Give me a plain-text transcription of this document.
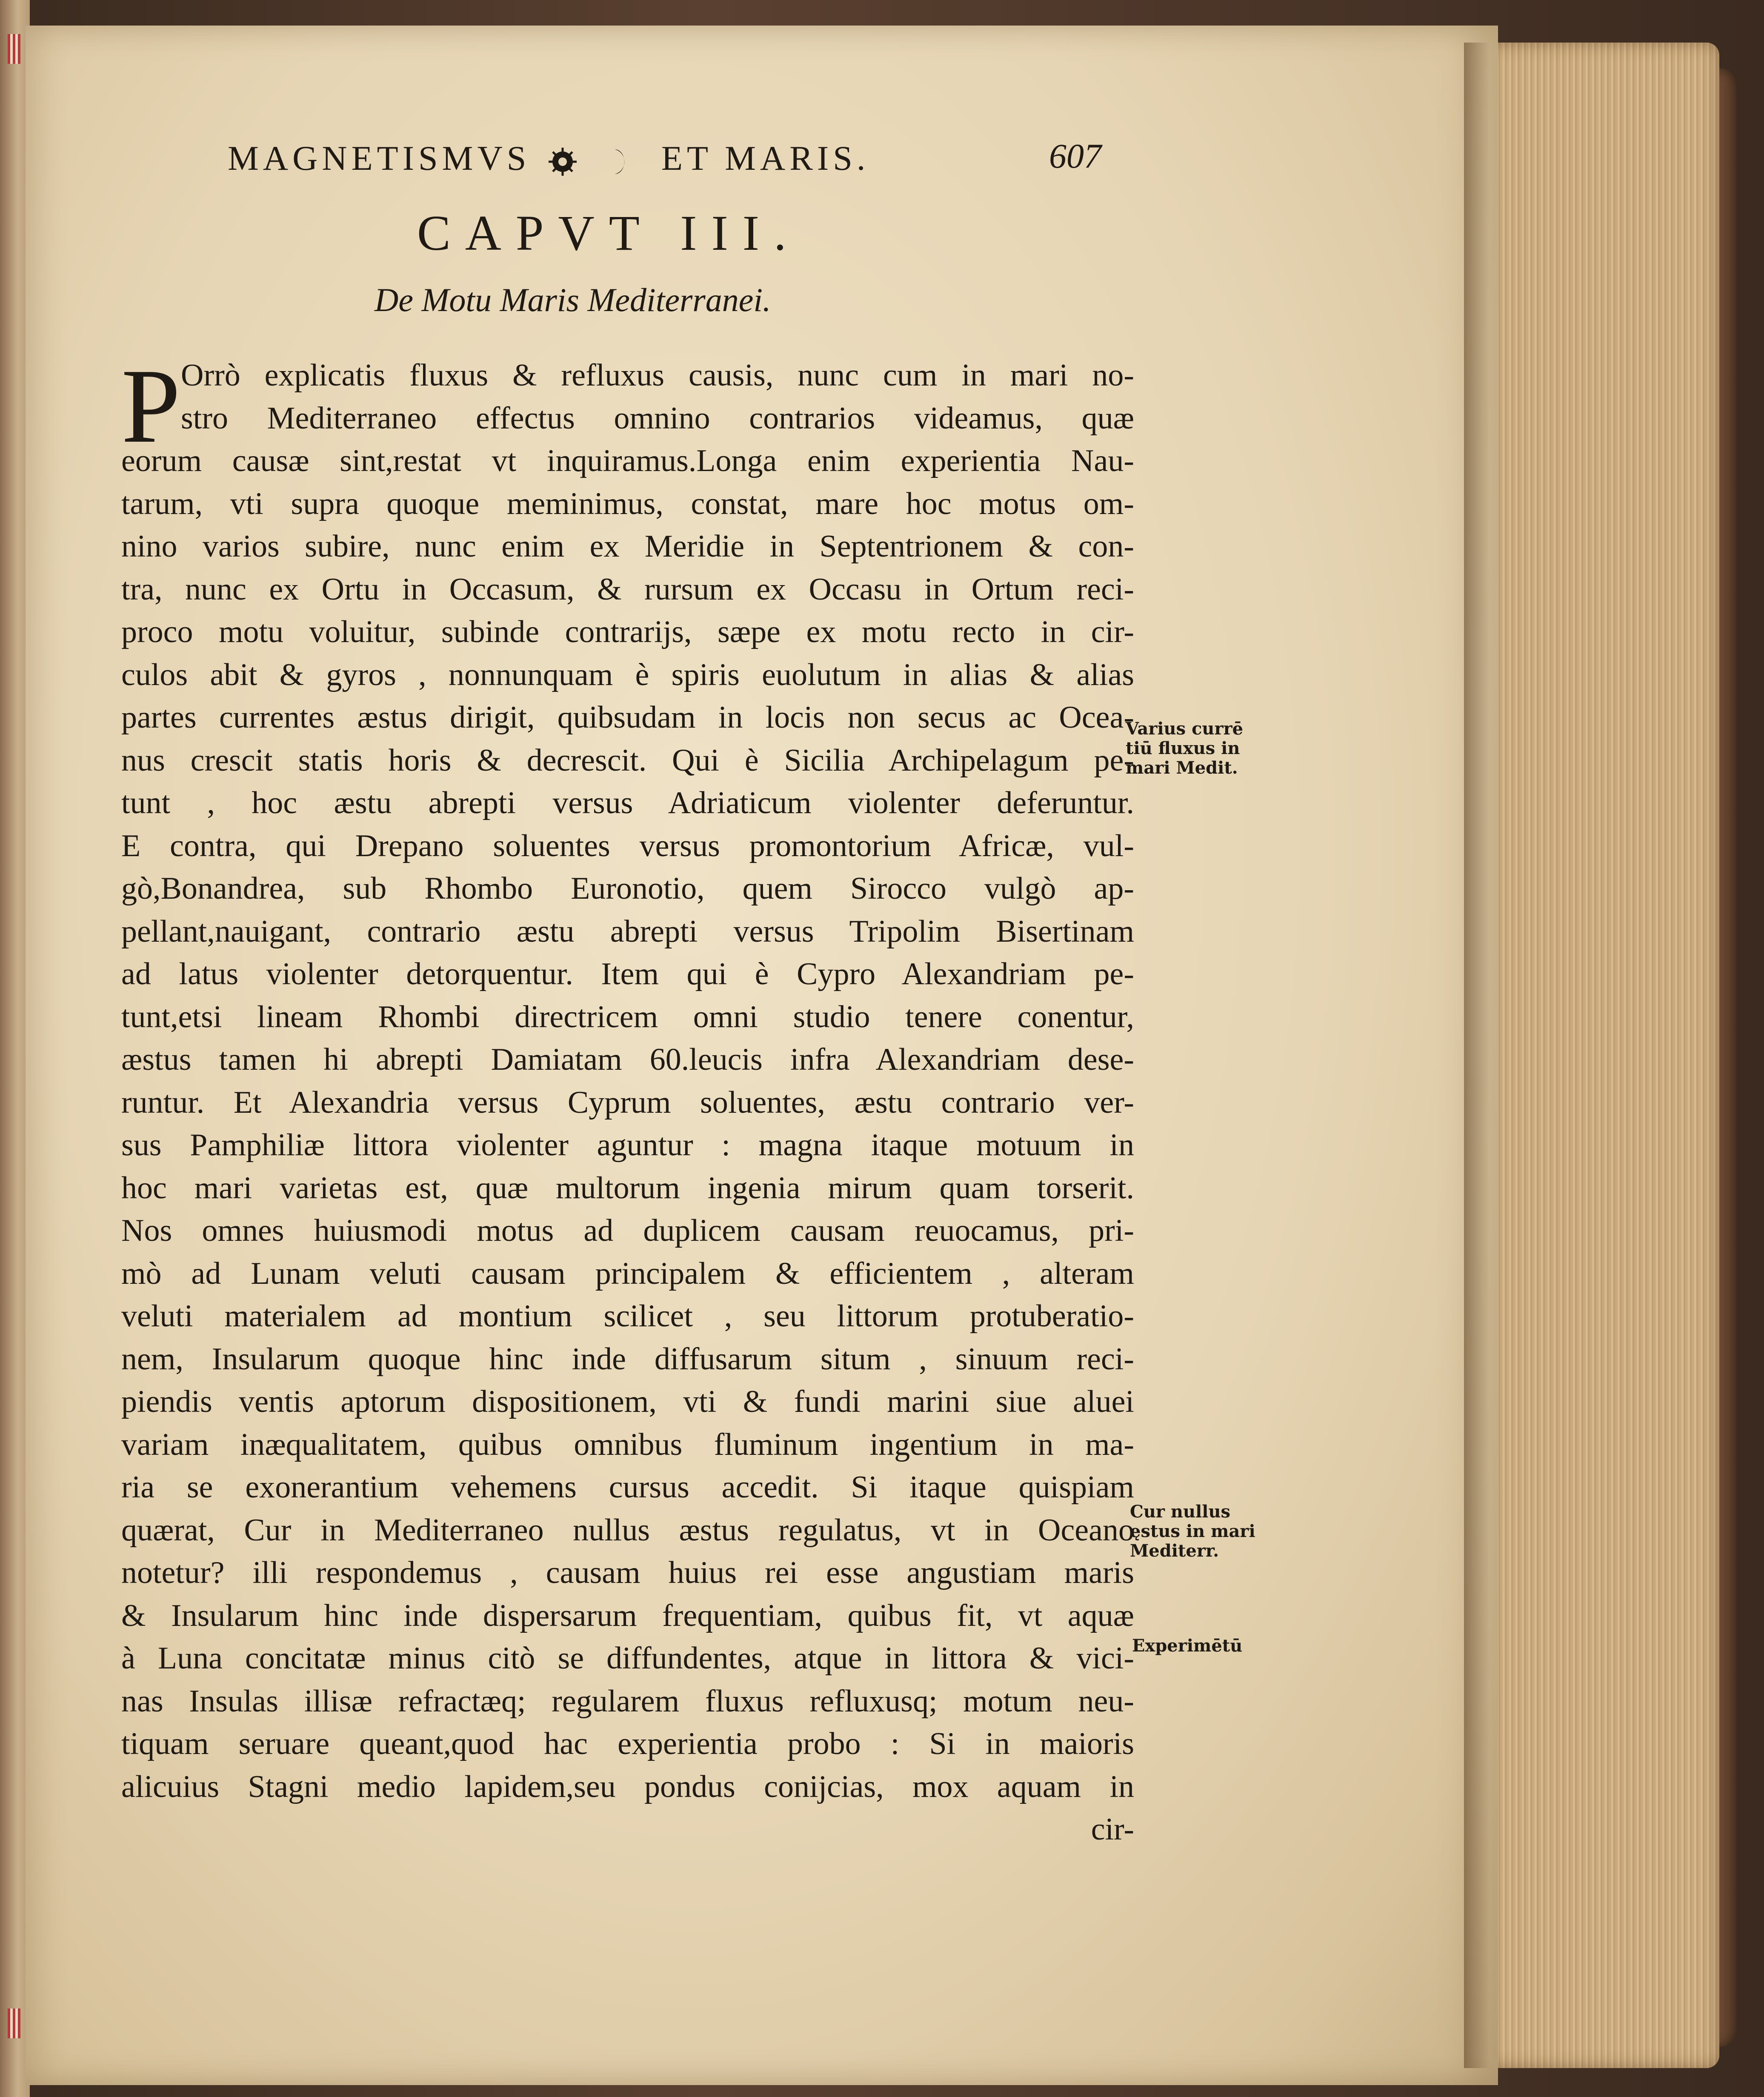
MAGNETISMVS	ET MARIS.	607
CAPVT III.
De Motu Maris Mediterranei.
P Orrò explicatis fluxus & refluxus causis, nunc cum in mari no-
stro Mediterraneo effectus omnino contrarios videamus, quæ
eorum causæ sint,restat vt inquiramus.Longa enim experientia Nau-
tarum, vti supra quoque meminimus, constat, mare hoc motus om-
nino varios subire, nunc enim ex Meridie in Septentrionem & con-
tra, nunc ex Ortu in Occasum, & rursum ex Occasu in Ortum reci-
proco motu voluitur, subinde contrarijs, sæpe ex motu recto in cir-
culos abit & gyros , nonnunquam è spiris euolutum in alias & alias
partes currentes æstus dirigit, quibsudam in locis non secus ac Ocea-
nus crescit statis horis & decrescit. Qui è Sicilia Archipelagum pe-
tunt , hoc æstu abrepti versus Adriaticum violenter deferuntur.
E contra, qui Drepano soluentes versus promontorium Africæ, vul-
gò,Bonandrea, sub Rhombo Euronotio, quem Sirocco vulgò ap-
pellant,nauigant, contrario æstu abrepti versus Tripolim Bisertinam
ad latus violenter detorquentur. Item qui è Cypro Alexandriam pe-
tunt,etsi lineam Rhombi directricem omni studio tenere conentur,
æstus tamen hi abrepti Damiatam 60.leucis infra Alexandriam dese-
runtur. Et Alexandria versus Cyprum soluentes, æstu contrario ver-
sus Pamphiliæ littora violenter aguntur : magna itaque motuum in
hoc mari varietas est, quæ multorum ingenia mirum quam torserit.
Nos omnes huiusmodi motus ad duplicem causam reuocamus, pri-
mò ad Lunam veluti causam principalem & efficientem , alteram
veluti materialem ad montium scilicet , seu littorum protuberatio-
nem, Insularum quoque hinc inde diffusarum situm , sinuum reci-
piendis ventis aptorum dispositionem, vti & fundi marini siue aluei
variam inæqualitatem, quibus omnibus fluminum ingentium in ma-
ria se exonerantium vehemens cursus accedit. Si itaque quispiam
quærat, Cur in Mediterraneo nullus æstus regulatus, vt in Oceano
notetur? illi respondemus , causam huius rei esse angustiam maris
& Insularum hinc inde dispersarum frequentiam, quibus fit, vt aquæ
à Luna concitatæ minus citò se diffundentes, atque in littora & vici-
nas Insulas illisæ refractæq; regularem fluxus refluxusq; motum neu-
tiquam seruare queant,quod hac experientia probo : Si in maioris
alicuius Stagni medio lapidem,seu pondus conijcias, mox aquam in
cir-
Varius currē
tiū fluxus in
mari Medit.
Cur nullus
ęstus in mari
Mediterr.
Experimētū
